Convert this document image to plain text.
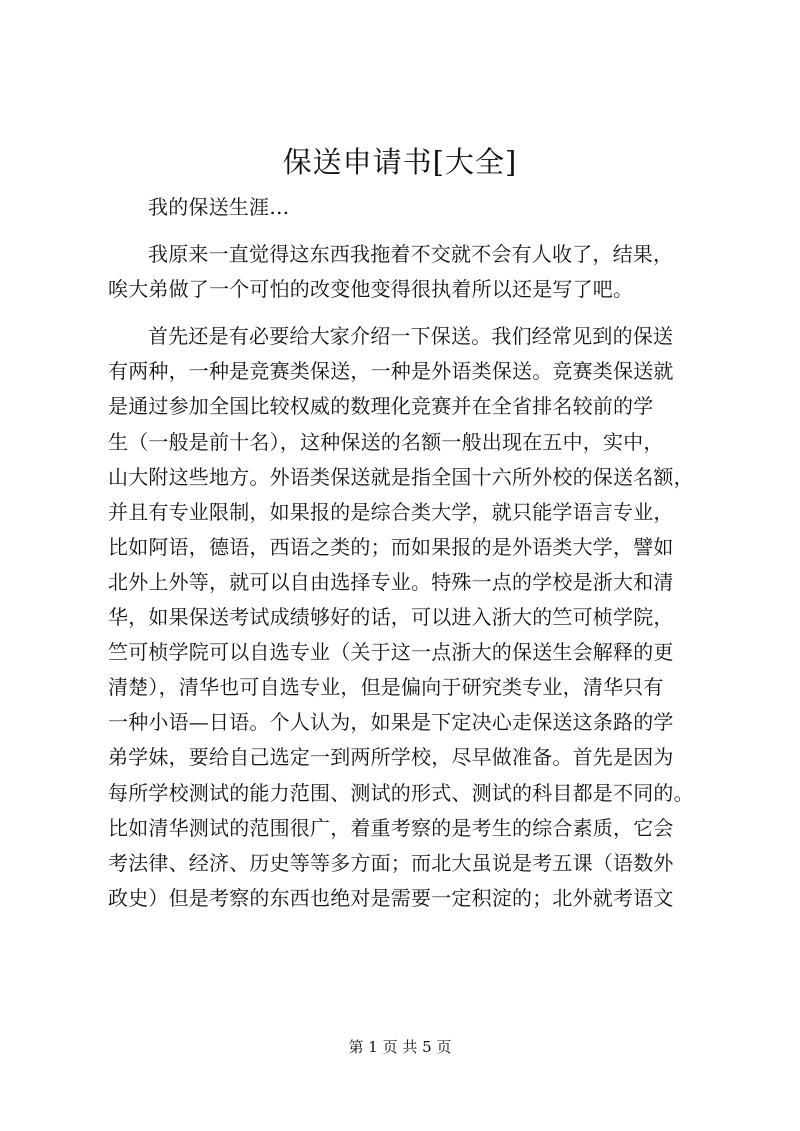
保送申请书[大全]
我的保送生涯…
我原来一直觉得这东西我拖着不交就不会有人收了，结果，
唉大弟做了一个可怕的改变他变得很执着所以还是写了吧。
首先还是有必要给大家介绍一下保送。我们经常见到的保送
有两种，一种是竞赛类保送，一种是外语类保送。竞赛类保送就
是通过参加全国比较权威的数理化竞赛并在全省排名较前的学
生（一般是前十名），这种保送的名额一般出现在五中，实中，
山大附这些地方。外语类保送就是指全国十六所外校的保送名额，
并且有专业限制，如果报的是综合类大学，就只能学语言专业，
比如阿语，德语，西语之类的；而如果报的是外语类大学，譬如
北外上外等，就可以自由选择专业。特殊一点的学校是浙大和清
华，如果保送考试成绩够好的话，可以进入浙大的竺可桢学院，
竺可桢学院可以自选专业（关于这一点浙大的保送生会解释的更
清楚），清华也可自选专业，但是偏向于研究类专业，清华只有
一种小语—日语。个人认为，如果是下定决心走保送这条路的学
弟学妹，要给自己选定一到两所学校，尽早做准备。首先是因为
每所学校测试的能力范围、测试的形式、测试的科目都是不同的。
比如清华测试的范围很广，着重考察的是考生的综合素质，它会
考法律、经济、历史等等多方面；而北大虽说是考五课（语数外
政史）但是考察的东西也绝对是需要一定积淀的；北外就考语文
第 1 页 共 5 页
